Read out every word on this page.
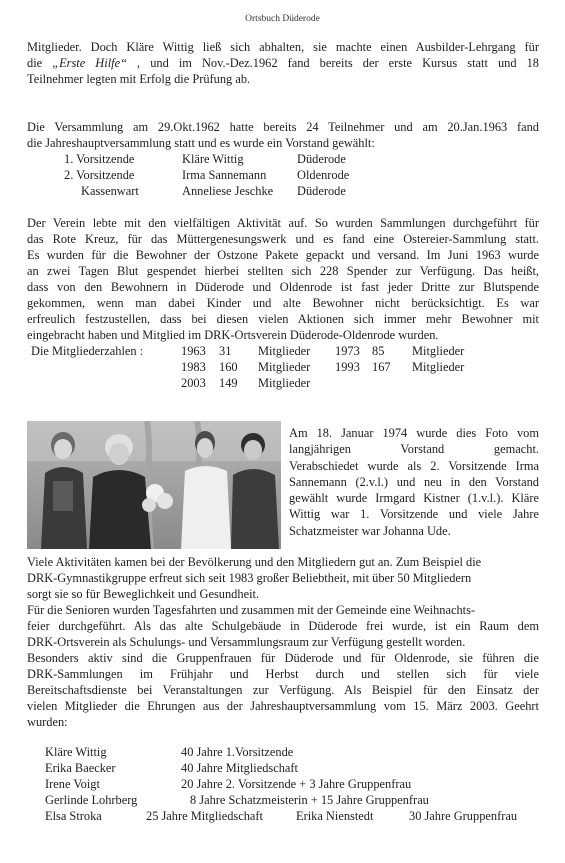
Ortsbuch Düderode
Mitglieder. Doch Kläre Wittig ließ sich abhalten, sie machte einen Ausbilder-Lehrgang für
die „Erste Hilfe“ , und im Nov.-Dez.1962 fand bereits der erste Kursus statt und 18
Teilnehmer legten mit Erfolg die Prüfung ab.
Die Versammlung am 29.Okt.1962 hatte bereits 24 Teilnehmer und am 20.Jan.1963 fand
die Jahreshauptversammlung statt und es wurde ein Vorstand gewählt:
1. Vorsitzende	Kläre Wittig	Düderode
2. Vorsitzende	Irma Sannemann Oldenrode
Kassenwart	Anneliese Jeschke Düderode
Der Verein lebte mit den vielfältigen Aktivität auf. So wurden Sammlungen durchgeführt für
das Rote Kreuz, für das Müttergenesungswerk und es fand eine Ostereier-Sammlung statt.
Es wurden für die Bewohner der Ostzone Pakete gepackt und versand. Im Juni 1963 wurde
an zwei Tagen Blut gespendet hierbei stellten sich 228 Spender zur Verfügung. Das heißt,
dass von den Bewohnern in Düderode und Oldenrode ist fast jeder Dritte zur Blutspende
gekommen, wenn man dabei Kinder und alte Bewohner nicht berücksichtigt. Es war
erfreulich festzustellen, dass bei diesen vielen Aktionen sich immer mehr Bewohner mit
eingebracht haben und Mitglied im DRK-Ortsverein Düderode-Oldenrode wurden.
Die Mitgliederzahlen :	1963 31 Mitglieder 1973 85 Mitglieder
1983 160 Mitglieder 1993 167 Mitglieder
2003 149 Mitglieder
Am 18. Januar 1974 wurde dies Foto vom
langjährigen Vorstand gemacht.
Verabschiedet wurde als 2. Vorsitzende Irma
Sannemann (2.v.l.) und neu in den Vorstand
gewählt wurde Irmgard Kistner (1.v.l.). Kläre
Wittig war 1. Vorsitzende und viele Jahre
Schatzmeister war Johanna Ude.
Viele Aktivitäten kamen bei der Bevölkerung und den Mitgliedern gut an. Zum Beispiel die
DRK-Gymnastikgruppe erfreut sich seit 1983 großer Beliebtheit, mit über 50 Mitgliedern
sorgt sie so für Beweglichkeit und Gesundheit.
Für die Senioren wurden Tagesfahrten und zusammen mit der Gemeinde eine Weihnachts-
feier durchgeführt. Als das alte Schulgebäude in Düderode frei wurde, ist ein Raum dem
DRK-Ortsverein als Schulungs- und Versammlungsraum zur Verfügung gestellt worden.
Besonders aktiv sind die Gruppenfrauen für Düderode und für Oldenrode, sie führen die
DRK-Sammlungen im Frühjahr und Herbst durch und stellen sich für viele
Bereitschaftsdienste bei Veranstaltungen zur Verfügung. Als Beispiel für den Einsatz der
vielen Mitglieder die Ehrungen aus der Jahreshauptversammlung vom 15. März 2003. Geehrt
wurden:
Kläre Wittig	40 Jahre 1.Vorsitzende
Erika Baecker	40 Jahre Mitgliedschaft
Irene Voigt	20 Jahre 2. Vorsitzende + 3 Jahre Gruppenfrau
Gerlinde Lohrberg	8 Jahre Schatzmeisterin + 15 Jahre Gruppenfrau
Elsa Stroka	25 Jahre Mitgliedschaft	Erika Nienstedt	30 Jahre Gruppenfrau
